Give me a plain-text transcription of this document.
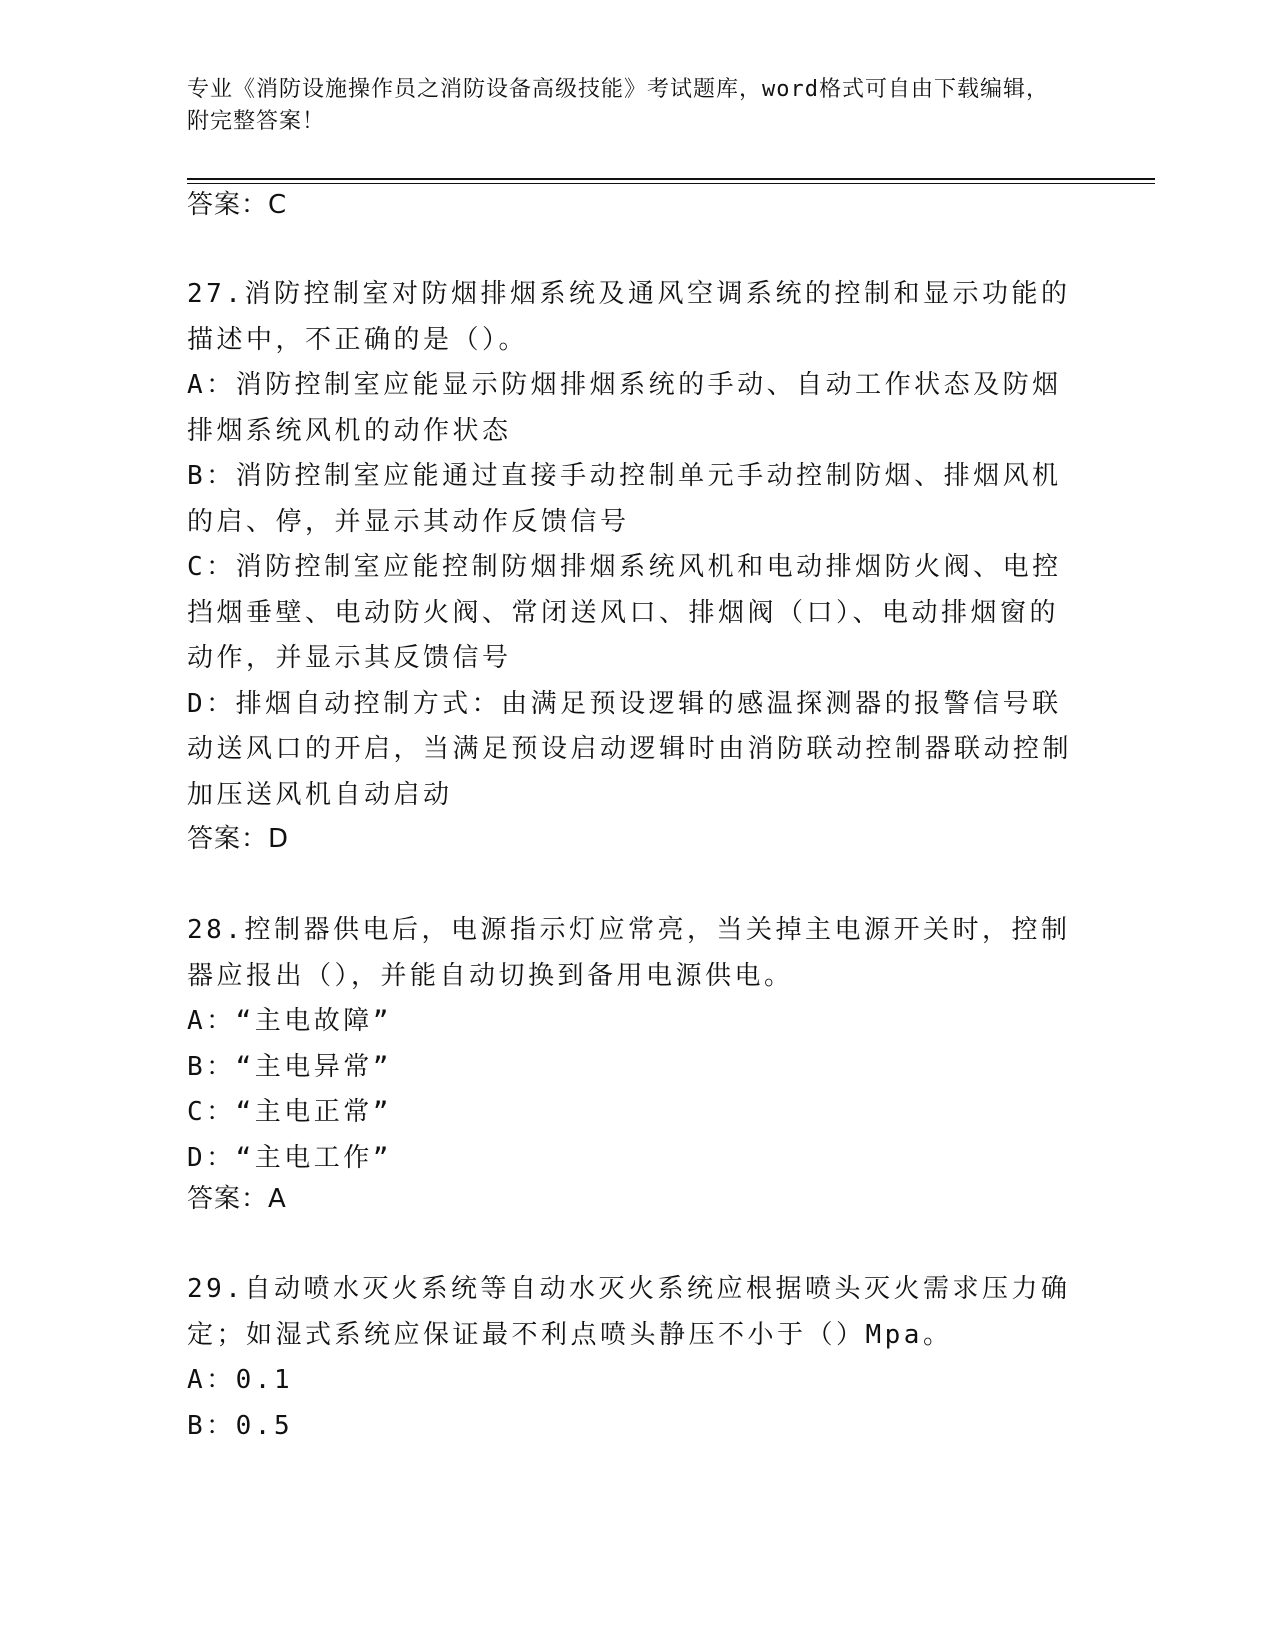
专业《消防设施操作员之消防设备高级技能》考试题库，word格式可自由下载编辑，附完整答案！
答案：C

27.消防控制室对防烟排烟系统及通风空调系统的控制和显示功能的描述中，不正确的是（）。

A：消防控制室应能显示防烟排烟系统的手动、自动工作状态及防烟排烟系统风机的动作状态

B：消防控制室应能通过直接手动控制单元手动控制防烟、排烟风机的启、停，并显示其动作反馈信号

C：消防控制室应能控制防烟排烟系统风机和电动排烟防火阀、电控挡烟垂壁、电动防火阀、常闭送风口、排烟阀（口）、电动排烟窗的动作，并显示其反馈信号

D：排烟自动控制方式：由满足预设逻辑的感温探测器的报警信号联动送风口的开启，当满足预设启动逻辑时由消防联动控制器联动控制加压送风机自动启动

答案：D

28.控制器供电后，电源指示灯应常亮，当关掉主电源开关时，控制器应报出（），并能自动切换到备用电源供电。

A：“主电故障”

B：“主电异常”

C：“主电正常”

D：“主电工作”

答案：A

29.自动喷水灭火系统等自动水灭火系统应根据喷头灭火需求压力确定；如湿式系统应保证最不利点喷头静压不小于（）Mpa。

A：0.1

B：0.5
